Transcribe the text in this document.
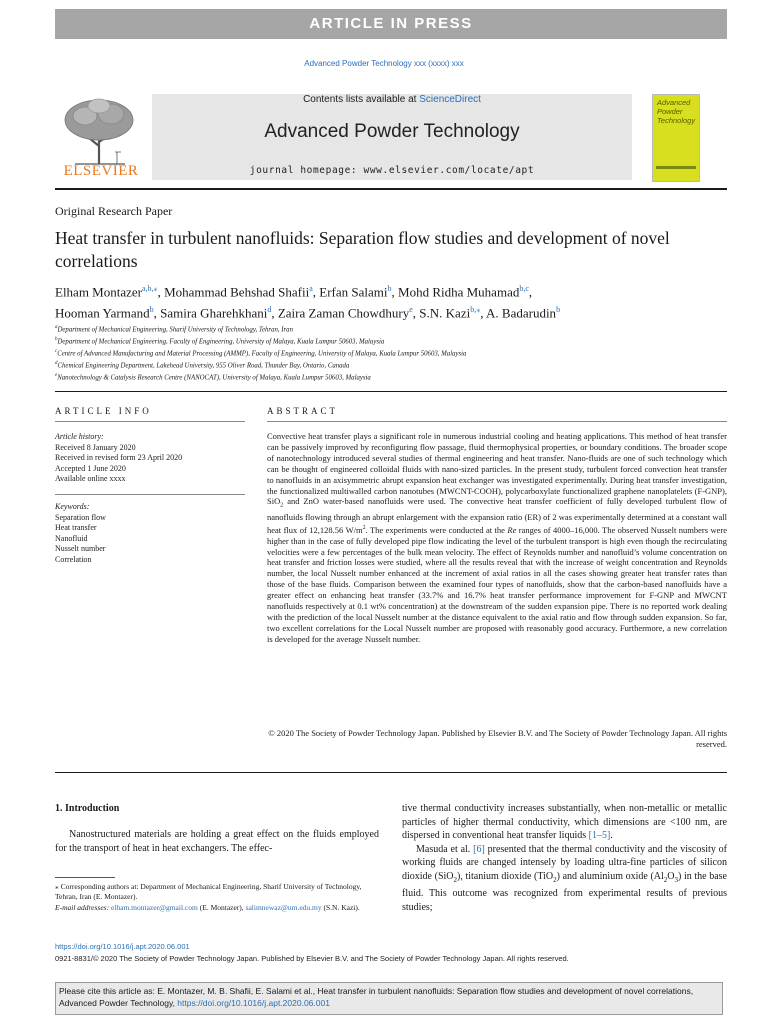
ARTICLE IN PRESS
Advanced Powder Technology xxx (xxxx) xxx
ELSEVIER
Contents lists available at ScienceDirect
Advanced Powder Technology
journal homepage: www.elsevier.com/locate/apt
Advanced
Powder
Technology
Original Research Paper
Heat transfer in turbulent nanofluids: Separation flow studies and development of novel correlations
Elham Montazer$^{a,b,⁎}$, Mohammad Behshad Shafii$^a$, Erfan Salami$^b$, Mohd Ridha Muhamad$^{b,c}$,
Hooman Yarmand$^b$, Samira Gharehkhani$^d$, Zaira Zaman Chowdhury$^e$, S.N. Kazi$^{b,⁎}$, A. Badarudin$^b$
$^a$Department of Mechanical Engineering, Sharif University of Technology, Tehran, Iran
$^b$Department of Mechanical Engineering, Faculty of Engineering, University of Malaya, Kuala Lumpur 50603, Malaysia
$^c$Centre of Advanced Manufacturing and Material Processing (AMMP), Faculty of Engineering, University of Malaya, Kuala Lumpur 50603, Malaysia
$^d$Chemical Engineering Department, Lakehead University, 955 Oliver Road, Thunder Bay, Ontario, Canada
$^e$Nanotechnology & Catalysis Research Centre (NANOCAT), University of Malaya, Kuala Lumpur 50603, Malaysia
ARTICLE INFO	ABSTRACT
Article history:
Received 8 January 2020
Received in revised form 23 April 2020
Accepted 1 June 2020
Available online xxxx
Keywords:
Separation flow
Heat transfer
Nanofluid
Nusselt number
Correlation
Convective heat transfer plays a significant role in numerous industrial cooling and heating applications. This method of heat transfer can be passively improved by reconfiguring flow passage, fluid thermophysical properties, or boundary conditions. The broader scope of nanotechnology introduced several studies of thermal engineering and heat transfer. Nano-fluids are one of such technology which can be thought of engineered colloidal fluids with nano-sized particles. In the present study, turbulent forced convection heat transfer to nanofluids in an axisymmetric abrupt expansion heat exchanger was investigated experimentally. During heat transfer investigation, the functionalized multiwalled carbon nanotubes (MWCNT-COOH), polycarboxylate functionalized graphene nanoplatelets (F-GNP), SiO$_2$ and ZnO water-based nanofluids were used. The convective heat transfer coefficient of fully developed turbulent flow of nanofluids flowing through an abrupt enlargement with the expansion ratio (ER) of 2 was experimentally determined at a constant wall heat flux of 12,128.56 $W/m^2$. The experiments were conducted at the Re ranges of 4000–16,000. The observed Nusselt numbers were higher than in the case of fully developed pipe flow indicating the level of the turbulent transport is high even though the recirculating velocities were a few percentages of the bulk mean velocity. The effect of Reynolds number and nanofluid’s volume concentration on heat transfer and friction losses were studied, where all the results reveal that with the increase of weight concentration and Reynolds number, the local Nusselt number enhanced at the increment of axial ratios in all the cases showing greater heat transfer rates than those of the base fluids. Comparison between the examined four types of nanofluids, show that the carbon-based nanofluids have a greater effect on enhancing heat transfer (33.7% and 16.7% heat transfer performance improvement for F-GNP and MWCNT nanofluids respectively at 0.1 wt% concentration) at the downstream of the sudden expansion pipe. There is no reported work dealing with the prediction of the local Nusselt number at the distance equivalent to the axial ratio and flow through sudden expansion. So far, two excellent correlations for the Local Nusselt number are proposed with reasonably good accuracy. Furthermore, a new correlation is developed for the average Nusselt number.
© 2020 The Society of Powder Technology Japan. Published by Elsevier B.V. and The Society of Powder Technology Japan. All rights reserved.
1. Introduction
Nanostructured materials are holding a great effect on the fluids employed for the transport of heat in heat exchangers. The effec-

tive thermal conductivity increases substantially, when non-metallic or metallic particles of higher thermal conductivity, which dimensions are <100 nm, are dispersed in conventional heat transfer liquids [1–5].

Masuda et al. [6] presented that the thermal conductivity and the viscosity of working fluids are changed intensely by loading ultra-fine particles of silicon dioxide (SiO$_2$), titanium dioxide (TiO$_2$) and aluminium oxide $(Al_2O_3)$ in the base fluid. This outcome was recognized from experimental results of previous studies;

⁎ Corresponding authors at: Department of Mechanical Engineering, Sharif University of Technology, Tehran, Iran (E. Montazer).
E-mail addresses: elham.montazer@gmail.com (E. Montazer), salimnewaz@um.edu.my (S.N. Kazi).
https://doi.org/10.1016/j.apt.2020.06.001
0921-8831/© 2020 The Society of Powder Technology Japan. Published by Elsevier B.V. and The Society of Powder Technology Japan. All rights reserved.
Please cite this article as: E. Montazer, M. B. Shafii, E. Salami et al., Heat transfer in turbulent nanofluids: Separation flow studies and development of novel correlations, Advanced Powder Technology, https://doi.org/10.1016/j.apt.2020.06.001
